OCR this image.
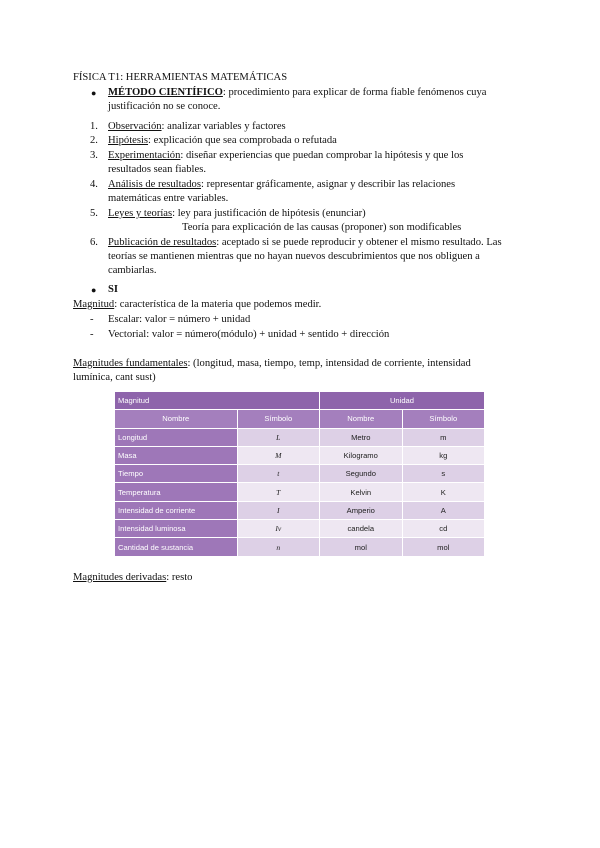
FÍSICA T1: HERRAMIENTAS MATEMÁTICAS
● MÉTODO CIENTÍFICO: procedimiento para explicar de forma fiable fenómenos cuya
justificación no se conoce.
1. Observación: analizar variables y factores
2. Hipótesis: explicación que sea comprobada o refutada
3. Experimentación: diseñar experiencias que puedan comprobar la hipótesis y que los
resultados sean fiables.
4. Análisis de resultados: representar gráficamente, asignar y describir las relaciones
matemáticas entre variables.
5. Leyes y teorías: ley para justificación de hipótesis (enunciar)
Teoría para explicación de las causas (proponer) son modificables
6. Publicación de resultados: aceptado si se puede reproducir y obtener el mismo resultado. Las
teorías se mantienen mientras que no hayan nuevos descubrimientos que nos obliguen a
cambiarlas.
● SI
Magnitud: característica de la materia que podemos medir.
- Escalar: valor = número + unidad
- Vectorial: valor = número(módulo) + unidad + sentido + dirección
Magnitudes fundamentales: (longitud, masa, tiempo, temp, intensidad de corriente, intensidad
lumínica, cant sust)
Magnitud		Unidad	
Nombre	Símbolo	Nombre	Símbolo
Longitud	L	Metro	m
Masa	M	Kilogramo	kg
Tiempo	t	Segundo	s
Temperatura	T	Kelvin	K
Intensidad de corriente	I	Amperio	A
Intensidad luminosa	Iv	candela	cd
Cantidad de sustancia	n	mol	mol
Magnitudes derivadas: resto
